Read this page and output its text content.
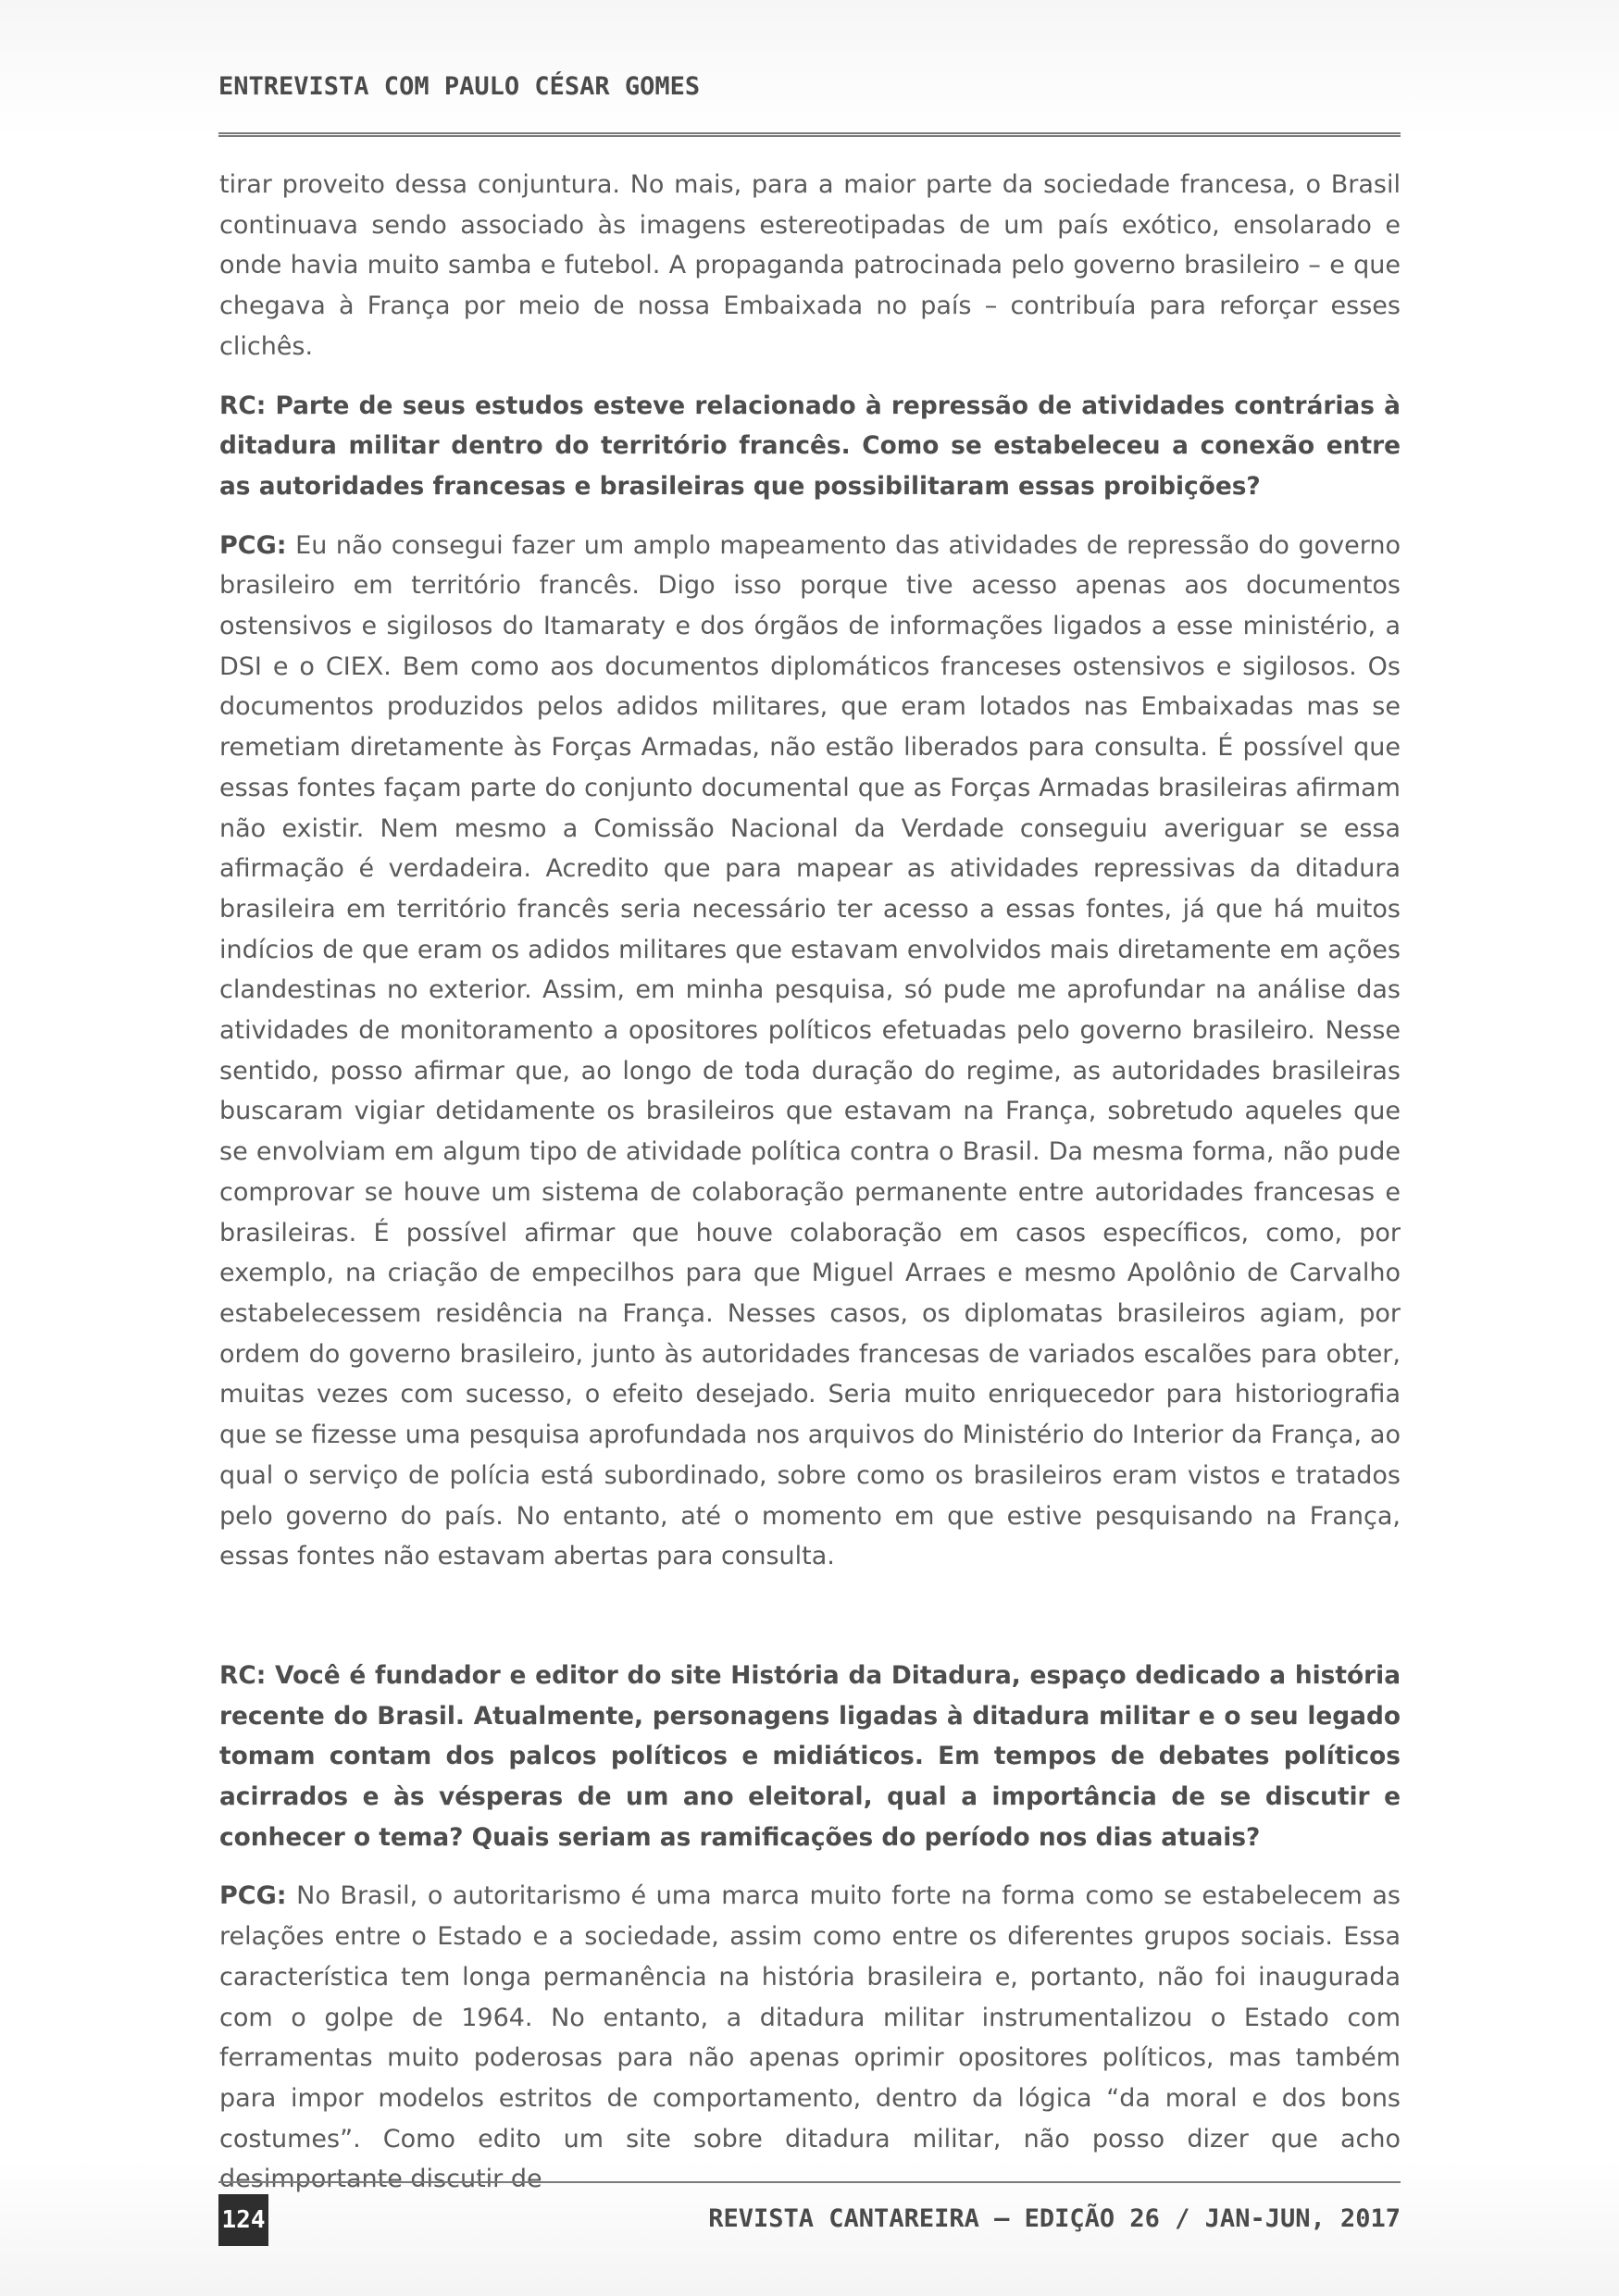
ENTREVISTA COM PAULO CÉSAR GOMES

tirar proveito dessa conjuntura. No mais, para a maior parte da sociedade francesa, o Brasil continuava sendo associado às imagens estereotipadas de um país exótico, ensolarado e onde havia muito samba e futebol. A propaganda patrocinada pelo governo brasileiro – e que chegava à França por meio de nossa Embaixada no país – contribuía para reforçar esses clichês.

RC: Parte de seus estudos esteve relacionado à repressão de atividades contrárias à ditadura militar dentro do território francês. Como se estabeleceu a conexão entre as autoridades francesas e brasileiras que possibilitaram essas proibições?

PCG: Eu não consegui fazer um amplo mapeamento das atividades de repressão do governo brasileiro em território francês. Digo isso porque tive acesso apenas aos documentos ostensivos e sigilosos do Itamaraty e dos órgãos de informações ligados a esse ministério, a DSI e o CIEX. Bem como aos documentos diplomáticos franceses ostensivos e sigilosos. Os documentos produzidos pelos adidos militares, que eram lotados nas Embaixadas mas se remetiam diretamente às Forças Armadas, não estão liberados para consulta. É possível que essas fontes façam parte do conjunto documental que as Forças Armadas brasileiras afirmam não existir. Nem mesmo a Comissão Nacional da Verdade conseguiu averiguar se essa afirmação é verdadeira. Acredito que para mapear as atividades repressivas da ditadura brasileira em território francês seria necessário ter acesso a essas fontes, já que há muitos indícios de que eram os adidos militares que estavam envolvidos mais diretamente em ações clandestinas no exterior. Assim, em minha pesquisa, só pude me aprofundar na análise das atividades de monitoramento a opositores políticos efetuadas pelo governo brasileiro. Nesse sentido, posso afirmar que, ao longo de toda duração do regime, as autoridades brasileiras buscaram vigiar detidamente os brasileiros que estavam na França, sobretudo aqueles que se envolviam em algum tipo de atividade política contra o Brasil. Da mesma forma, não pude comprovar se houve um sistema de colaboração permanente entre autoridades francesas e brasileiras. É possível afirmar que houve colaboração em casos específicos, como, por exemplo, na criação de empecilhos para que Miguel Arraes e mesmo Apolônio de Carvalho estabelecessem residência na França. Nesses casos, os diplomatas brasileiros agiam, por ordem do governo brasileiro, junto às autoridades francesas de variados escalões para obter, muitas vezes com sucesso, o efeito desejado. Seria muito enriquecedor para historiografia que se fizesse uma pesquisa aprofundada nos arquivos do Ministério do Interior da França, ao qual o serviço de polícia está subordinado, sobre como os brasileiros eram vistos e tratados pelo governo do país. No entanto, até o momento em que estive pesquisando na França, essas fontes não estavam abertas para consulta.

RC: Você é fundador e editor do site História da Ditadura, espaço dedicado a história recente do Brasil. Atualmente, personagens ligadas à ditadura militar e o seu legado tomam contam dos palcos políticos e midiáticos. Em tempos de debates políticos acirrados e às vésperas de um ano eleitoral, qual a importância de se discutir e conhecer o tema? Quais seriam as ramificações do período nos dias atuais?

PCG: No Brasil, o autoritarismo é uma marca muito forte na forma como se estabelecem as relações entre o Estado e a sociedade, assim como entre os diferentes grupos sociais. Essa característica tem longa permanência na história brasileira e, portanto, não foi inaugurada com o golpe de 1964. No entanto, a ditadura militar instrumentalizou o Estado com ferramentas muito poderosas para não apenas oprimir opositores políticos, mas também para impor modelos estritos de comportamento, dentro da lógica “da moral e dos bons costumes”. Como edito um site sobre ditadura militar, não posso dizer que acho desimportante discutir de

124	REVISTA CANTAREIRA – EDIÇÃO 26 / JAN-JUN, 2017
